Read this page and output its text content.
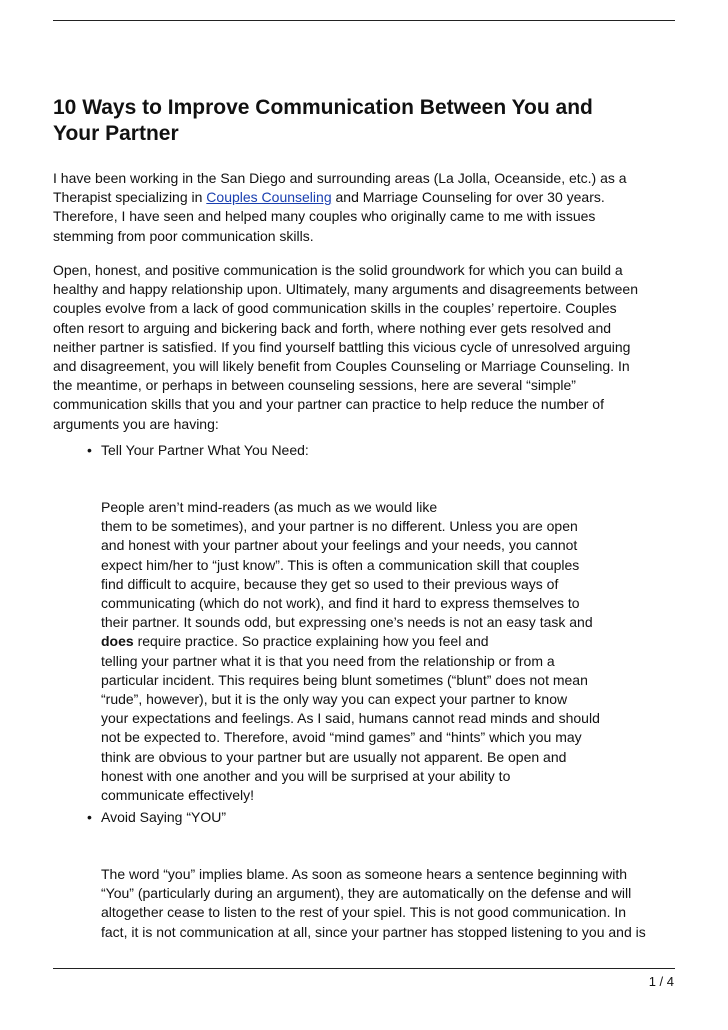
10 Ways to Improve Communication Between You and
Your Partner
I have been working in the San Diego and surrounding areas (La Jolla, Oceanside, etc.) as a
Therapist specializing in Couples Counseling and Marriage Counseling for over 30 years.
Therefore, I have seen and helped many couples who originally came to me with issues
stemming from poor communication skills.
Open, honest, and positive communication is the solid groundwork for which you can build a
healthy and happy relationship upon. Ultimately, many arguments and disagreements between
couples evolve from a lack of good communication skills in the couples’ repertoire. Couples
often resort to arguing and bickering back and forth, where nothing ever gets resolved and
neither partner is satisfied. If you find yourself battling this vicious cycle of unresolved arguing
and disagreement, you will likely benefit from Couples Counseling or Marriage Counseling. In
the meantime, or perhaps in between counseling sessions, here are several “simple”
communication skills that you and your partner can practice to help reduce the number of
arguments you are having:
• Tell Your Partner What You Need:
People aren’t mind-readers (as much as we would like
them to be sometimes), and your partner is no different. Unless you are open
and honest with your partner about your feelings and your needs, you cannot
expect him/her to “just know”. This is often a communication skill that couples
find difficult to acquire, because they get so used to their previous ways of
communicating (which do not work), and find it hard to express themselves to
their partner. It sounds odd, but expressing one’s needs is not an easy task and
does require practice. So practice explaining how you feel and
telling your partner what it is that you need from the relationship or from a
particular incident. This requires being blunt sometimes (“blunt” does not mean
“rude”, however), but it is the only way you can expect your partner to know
your expectations and feelings. As I said, humans cannot read minds and should
not be expected to. Therefore, avoid “mind games” and “hints” which you may
think are obvious to your partner but are usually not apparent. Be open and
honest with one another and you will be surprised at your ability to
communicate effectively!
• Avoid Saying “YOU”
The word “you” implies blame. As soon as someone hears a sentence beginning with
“You” (particularly during an argument), they are automatically on the defense and will
altogether cease to listen to the rest of your spiel. This is not good communication. In
fact, it is not communication at all, since your partner has stopped listening to you and is
1 / 4
